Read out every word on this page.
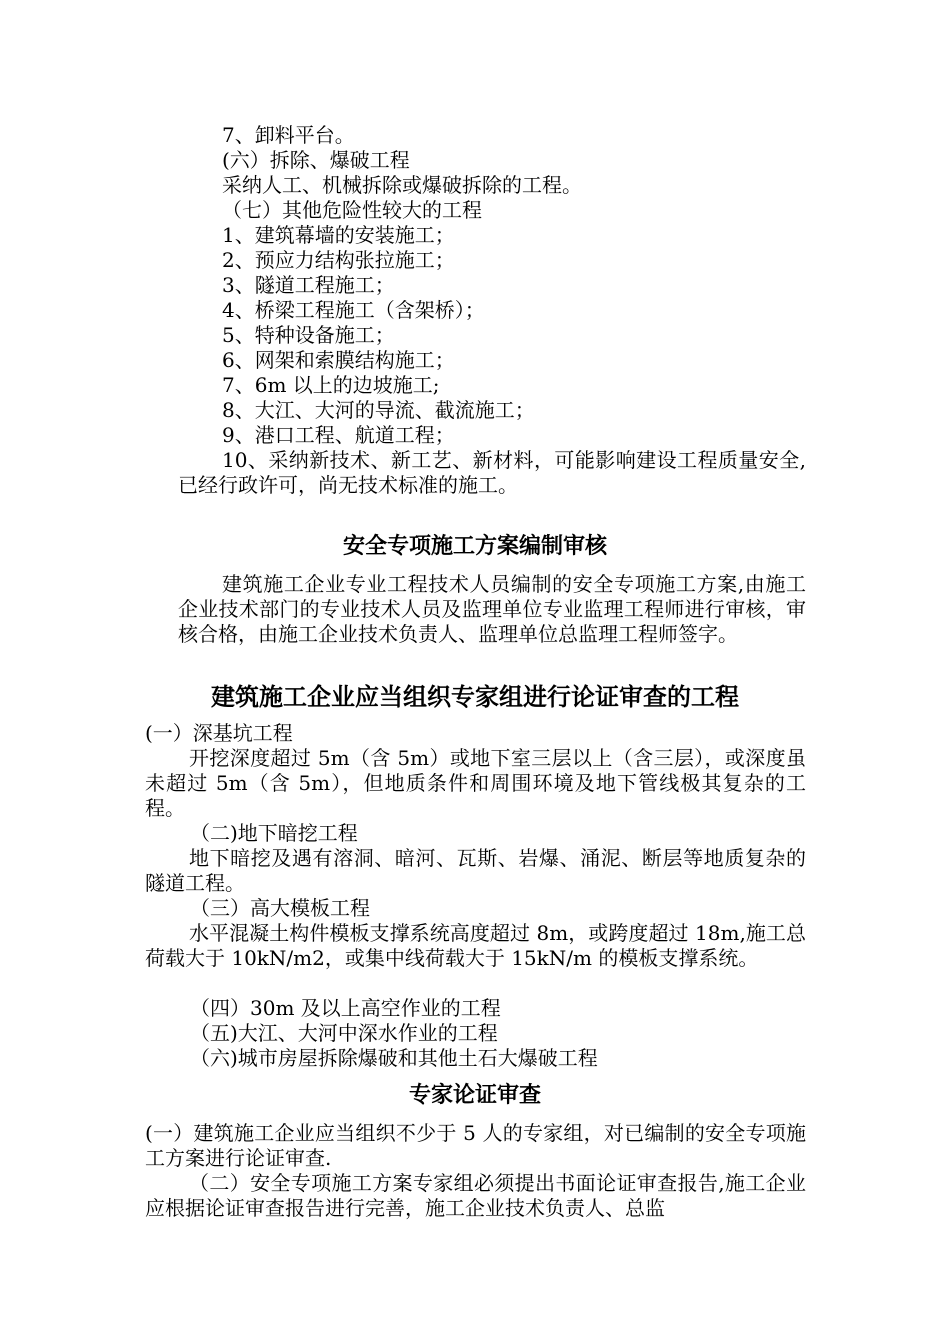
7、卸料平台。

(六）拆除、爆破工程

采纳人工、机械拆除或爆破拆除的工程。

（七）其他危险性较大的工程

1、建筑幕墙的安装施工；

2、预应力结构张拉施工；

3、隧道工程施工；

4、桥梁工程施工（含架桥）；

5、特种设备施工；

6、网架和索膜结构施工；

7、6m 以上的边坡施工;

8、大江、大河的导流、截流施工；

9、港口工程、航道工程；

10、采纳新技术、新工艺、新材料，可能影响建设工程质量安全,已经行政许可，尚无技术标准的施工。

安全专项施工方案编制审核

建筑施工企业专业工程技术人员编制的安全专项施工方案,由施工企业技术部门的专业技术人员及监理单位专业监理工程师进行审核，审核合格，由施工企业技术负责人、监理单位总监理工程师签字。

建筑施工企业应当组织专家组进行论证审查的工程

(一）深基坑工程

开挖深度超过 5m（含 5m）或地下室三层以上（含三层），或深度虽未超过 5m（含 5m），但地质条件和周围环境及地下管线极其复杂的工程。

（二)地下暗挖工程

地下暗挖及遇有溶洞、暗河、瓦斯、岩爆、涌泥、断层等地质复杂的隧道工程。

（三）高大模板工程

水平混凝土构件模板支撑系统高度超过 8m，或跨度超过 18m,施工总荷载大于 10kN/m2，或集中线荷载大于 15kN/m 的模板支撑系统。

（四）30m 及以上高空作业的工程

（五)大江、大河中深水作业的工程

（六)城市房屋拆除爆破和其他土石大爆破工程

专家论证审查

(一）建筑施工企业应当组织不少于 5 人的专家组，对已编制的安全专项施工方案进行论证审查.

（二）安全专项施工方案专家组必须提出书面论证审查报告,施工企业应根据论证审查报告进行完善，施工企业技术负责人、总监
